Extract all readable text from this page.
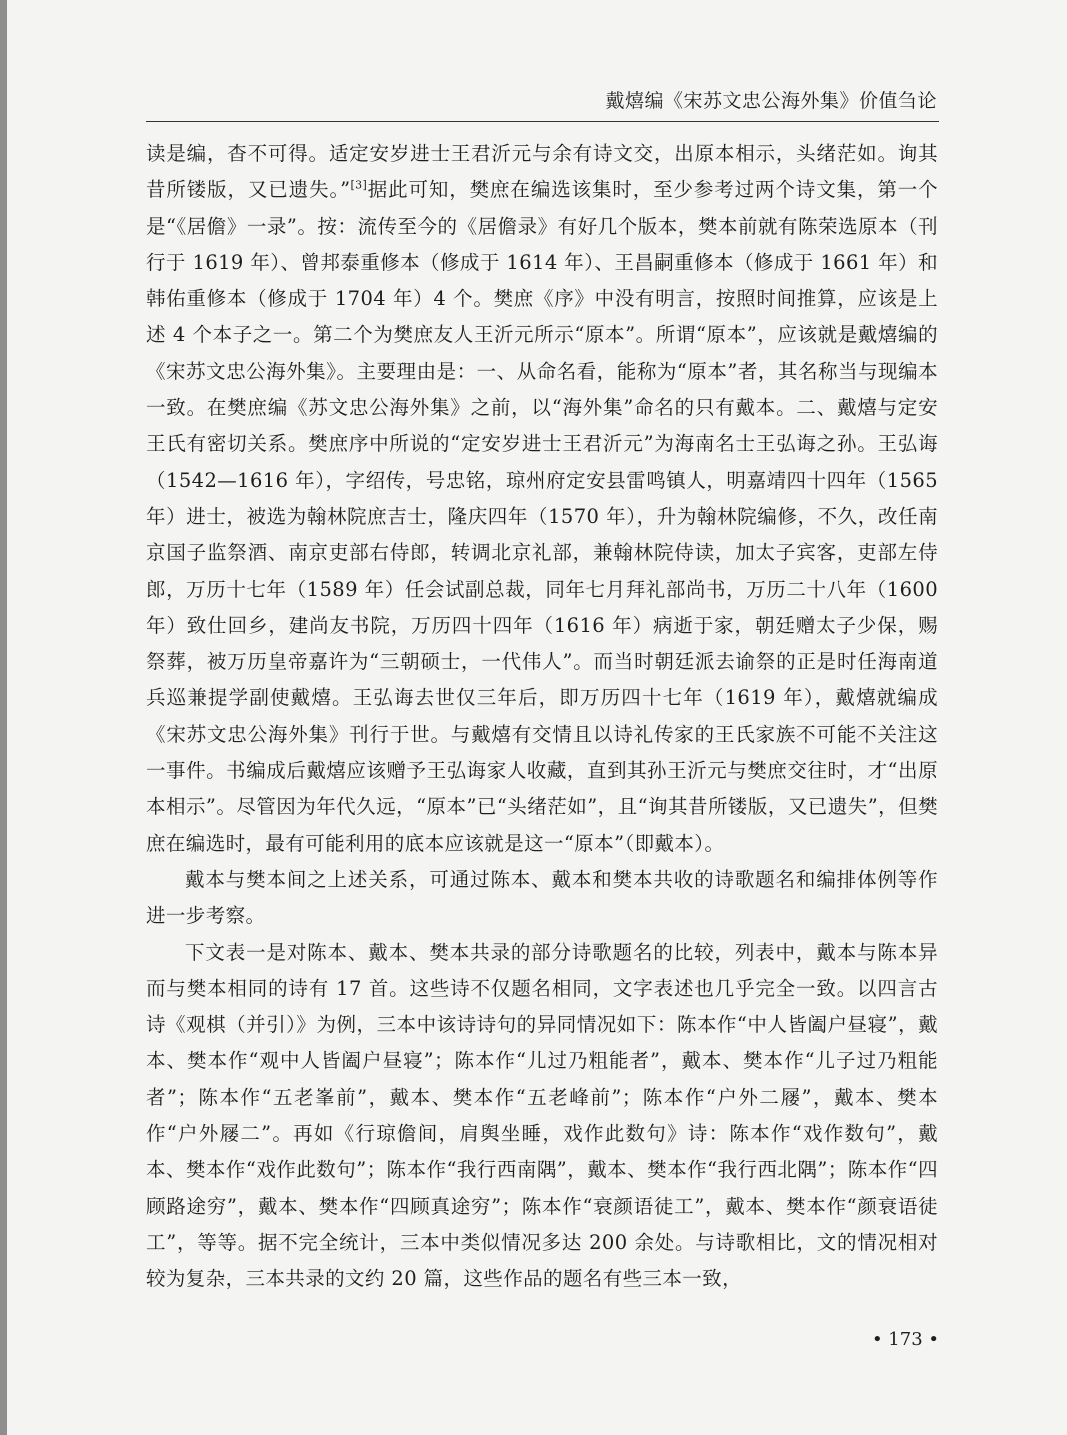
戴熺编《宋苏文忠公海外集》价值刍论

读是编，杳不可得。适定安岁进士王君沂元与余有诗文交，出原本相示，头绪茫如。询其昔所镂版，又已遗失。”[3]据此可知，樊庶在编选该集时，至少参考过两个诗文集，第一个是“《居儋》一录”。按：流传至今的《居儋录》有好几个版本，樊本前就有陈荣选原本（刊行于 1619 年）、曾邦泰重修本（修成于 1614 年）、王昌嗣重修本（修成于 1661 年）和韩佑重修本（修成于 1704 年）4 个。樊庶《序》中没有明言，按照时间推算，应该是上述 4 个本子之一。第二个为樊庶友人王沂元所示“原本”。所谓“原本”，应该就是戴熺编的《宋苏文忠公海外集》。主要理由是：一、从命名看，能称为“原本”者，其名称当与现编本一致。在樊庶编《苏文忠公海外集》之前，以“海外集”命名的只有戴本。二、戴熺与定安王氏有密切关系。樊庶序中所说的“定安岁进士王君沂元”为海南名士王弘诲之孙。王弘诲（1542—1616 年），字绍传，号忠铭，琼州府定安县雷鸣镇人，明嘉靖四十四年（1565 年）进士，被选为翰林院庶吉士，隆庆四年（1570 年），升为翰林院编修，不久，改任南京国子监祭酒、南京吏部右侍郎，转调北京礼部，兼翰林院侍读，加太子宾客，吏部左侍郎，万历十七年（1589 年）任会试副总裁，同年七月拜礼部尚书，万历二十八年（1600 年）致仕回乡，建尚友书院，万历四十四年（1616 年）病逝于家，朝廷赠太子少保，赐祭葬，被万历皇帝嘉许为“三朝硕士，一代伟人”。而当时朝廷派去谕祭的正是时任海南道兵巡兼提学副使戴熺。王弘诲去世仅三年后，即万历四十七年（1619 年），戴熺就编成《宋苏文忠公海外集》刊行于世。与戴熺有交情且以诗礼传家的王氏家族不可能不关注这一事件。书编成后戴熺应该赠予王弘诲家人收藏，直到其孙王沂元与樊庶交往时，才“出原本相示”。尽管因为年代久远，“原本”已“头绪茫如”，且“询其昔所镂版，又已遗失”，但樊庶在编选时，最有可能利用的底本应该就是这一“原本”（即戴本）。

戴本与樊本间之上述关系，可通过陈本、戴本和樊本共收的诗歌题名和编排体例等作进一步考察。

下文表一是对陈本、戴本、樊本共录的部分诗歌题名的比较，列表中，戴本与陈本异而与樊本相同的诗有 17 首。这些诗不仅题名相同，文字表述也几乎完全一致。以四言古诗《观棋（并引）》为例，三本中该诗诗句的异同情况如下：陈本作“中人皆阖户昼寝”，戴本、樊本作“观中人皆阖户昼寝”；陈本作“儿过乃粗能者”，戴本、樊本作“儿子过乃粗能者”；陈本作“五老峯前”，戴本、樊本作“五老峰前”；陈本作“户外二屦”，戴本、樊本作“户外屦二”。再如《行琼儋间，肩舆坐睡，戏作此数句》诗：陈本作“戏作数句”，戴本、樊本作“戏作此数句”；陈本作“我行西南隅”，戴本、樊本作“我行西北隅”；陈本作“四顾路途穷”，戴本、樊本作“四顾真途穷”；陈本作“衰颜语徒工”，戴本、樊本作“颜衰语徒工”，等等。据不完全统计，三本中类似情况多达 200 余处。与诗歌相比，文的情况相对较为复杂，三本共录的文约 20 篇，这些作品的题名有些三本一致，

• 173 •
